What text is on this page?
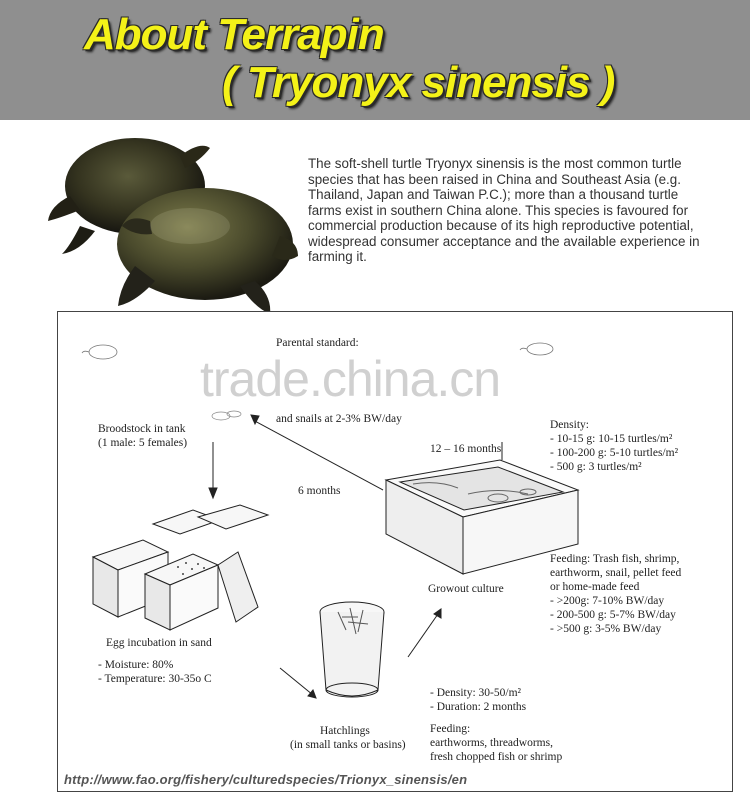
About Terrapin
( Tryonyx sinensis )
The soft-shell turtle Tryonyx sinensis is the most common turtle species that has been raised in China and Southeast Asia (e.g. Thailand, Japan and Taiwan P.C.); more than a thousand turtle farms exist in southern China alone. This species is favoured for commercial production because of its high reproductive potential, widespread consumer acceptance and the available experience in farming it.
trade.china.cn
Parental standard:
and snails at 2-3% BW/day
Broodstock in tank
(1 male: 5 females)
6 months
12 – 16 months
Density:
- 10-15 g: 10-15 turtles/m²
- 100-200 g: 5-10 turtles/m²
- 500 g: 3 turtles/m²
Growout culture
Feeding: Trash fish, shrimp,
earthworm, snail, pellet feed
or home-made feed
- >200g: 7-10% BW/day
- 200-500 g: 5-7% BW/day
- >500 g: 3-5% BW/day
Egg incubation in sand
- Moisture: 80%
- Temperature: 30-35o C
- Density: 30-50/m²
- Duration: 2 months
Feeding:
earthworms, threadworms,
fresh chopped fish or shrimp
Hatchlings
(in small tanks or basins)
http://www.fao.org/fishery/culturedspecies/Trionyx_sinensis/en
